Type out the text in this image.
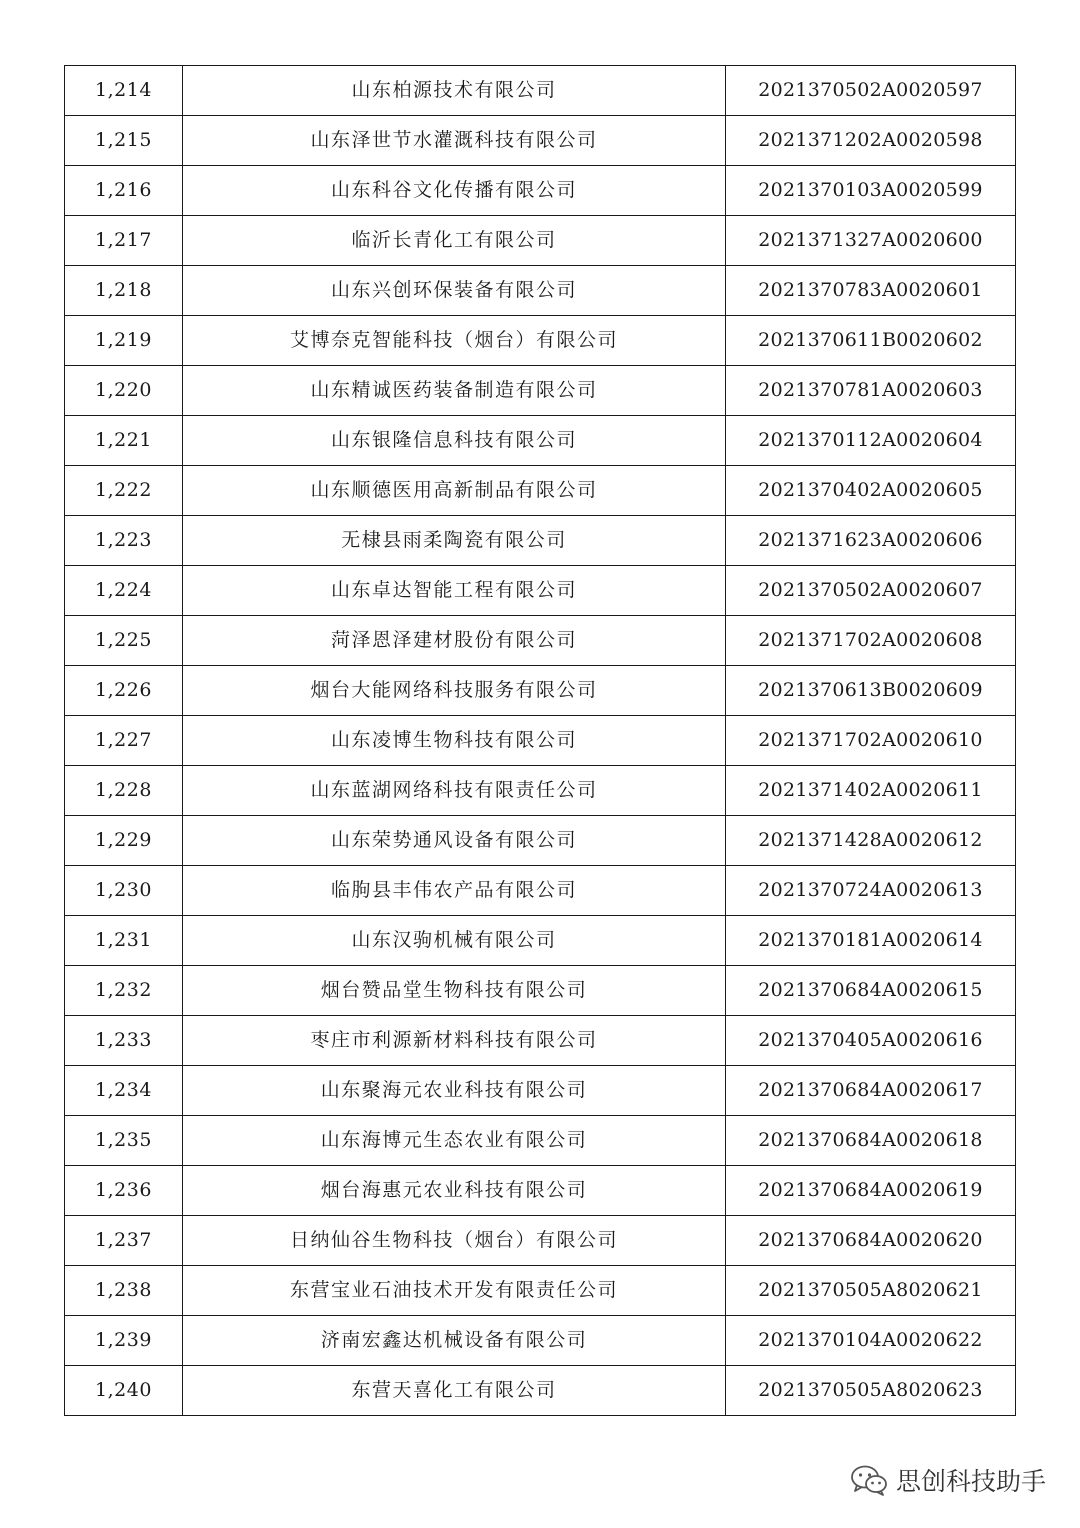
1,214	山东柏源技术有限公司	2021370502A0020597
1,215	山东泽世节水灌溉科技有限公司	2021371202A0020598
1,216	山东科谷文化传播有限公司	2021370103A0020599
1,217	临沂长青化工有限公司	2021371327A0020600
1,218	山东兴创环保装备有限公司	2021370783A0020601
1,219	艾博奈克智能科技（烟台）有限公司	2021370611B0020602
1,220	山东精诚医药装备制造有限公司	2021370781A0020603
1,221	山东银隆信息科技有限公司	2021370112A0020604
1,222	山东顺德医用高新制品有限公司	2021370402A0020605
1,223	无棣县雨柔陶瓷有限公司	2021371623A0020606
1,224	山东卓达智能工程有限公司	2021370502A0020607
1,225	菏泽恩泽建材股份有限公司	2021371702A0020608
1,226	烟台大能网络科技服务有限公司	2021370613B0020609
1,227	山东凌博生物科技有限公司	2021371702A0020610
1,228	山东蓝湖网络科技有限责任公司	2021371402A0020611
1,229	山东荣势通风设备有限公司	2021371428A0020612
1,230	临朐县丰伟农产品有限公司	2021370724A0020613
1,231	山东汉驹机械有限公司	2021370181A0020614
1,232	烟台赞品堂生物科技有限公司	2021370684A0020615
1,233	枣庄市利源新材料科技有限公司	2021370405A0020616
1,234	山东聚海元农业科技有限公司	2021370684A0020617
1,235	山东海博元生态农业有限公司	2021370684A0020618
1,236	烟台海惠元农业科技有限公司	2021370684A0020619
1,237	日纳仙谷生物科技（烟台）有限公司	2021370684A0020620
1,238	东营宝业石油技术开发有限责任公司	2021370505A8020621
1,239	济南宏鑫达机械设备有限公司	2021370104A0020622
1,240	东营天喜化工有限公司	2021370505A8020623
思创科技助手
